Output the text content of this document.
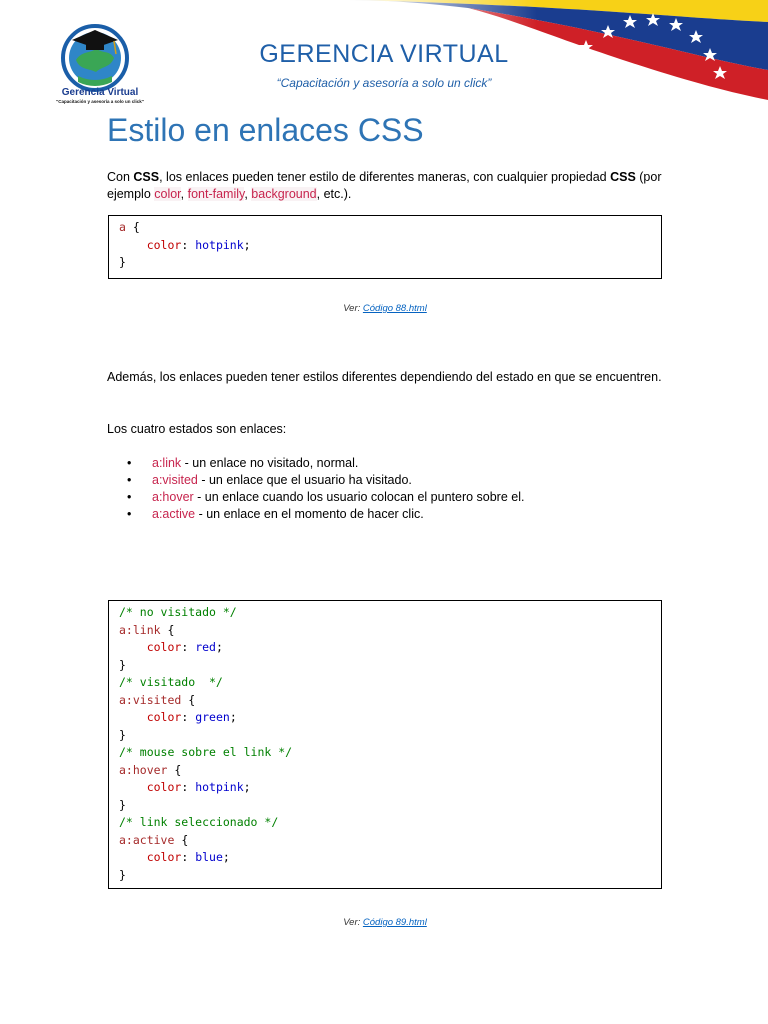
Gerencia Virtual
"Capacitación y asesoría a solo un click"
GERENCIA VIRTUAL
“Capacitación y asesoría a solo un click”
Estilo en enlaces CSS

Con CSS, los enlaces pueden tener estilo de diferentes maneras, con cualquier propiedad CSS (por ejemplo color, font-family, background, etc.).

a {
color: hotpink;
}
Ver: Código 88.html

Además, los enlaces pueden tener estilos diferentes dependiendo del estado en que se encuentren.

Los cuatro estados son enlaces:

• a:link - un enlace no visitado, normal.
• a:visited - un enlace que el usuario ha visitado.
• a:hover - un enlace cuando los usuario colocan el puntero sobre el.
• a:active - un enlace en el momento de hacer clic.
/* no visitado */
a:link {
color: red;
}
/* visitado  */
a:visited {
color: green;
}
/* mouse sobre el link */
a:hover {
color: hotpink;
}
/* link seleccionado */
a:active {
color: blue;
}
Ver: Código 89.html
